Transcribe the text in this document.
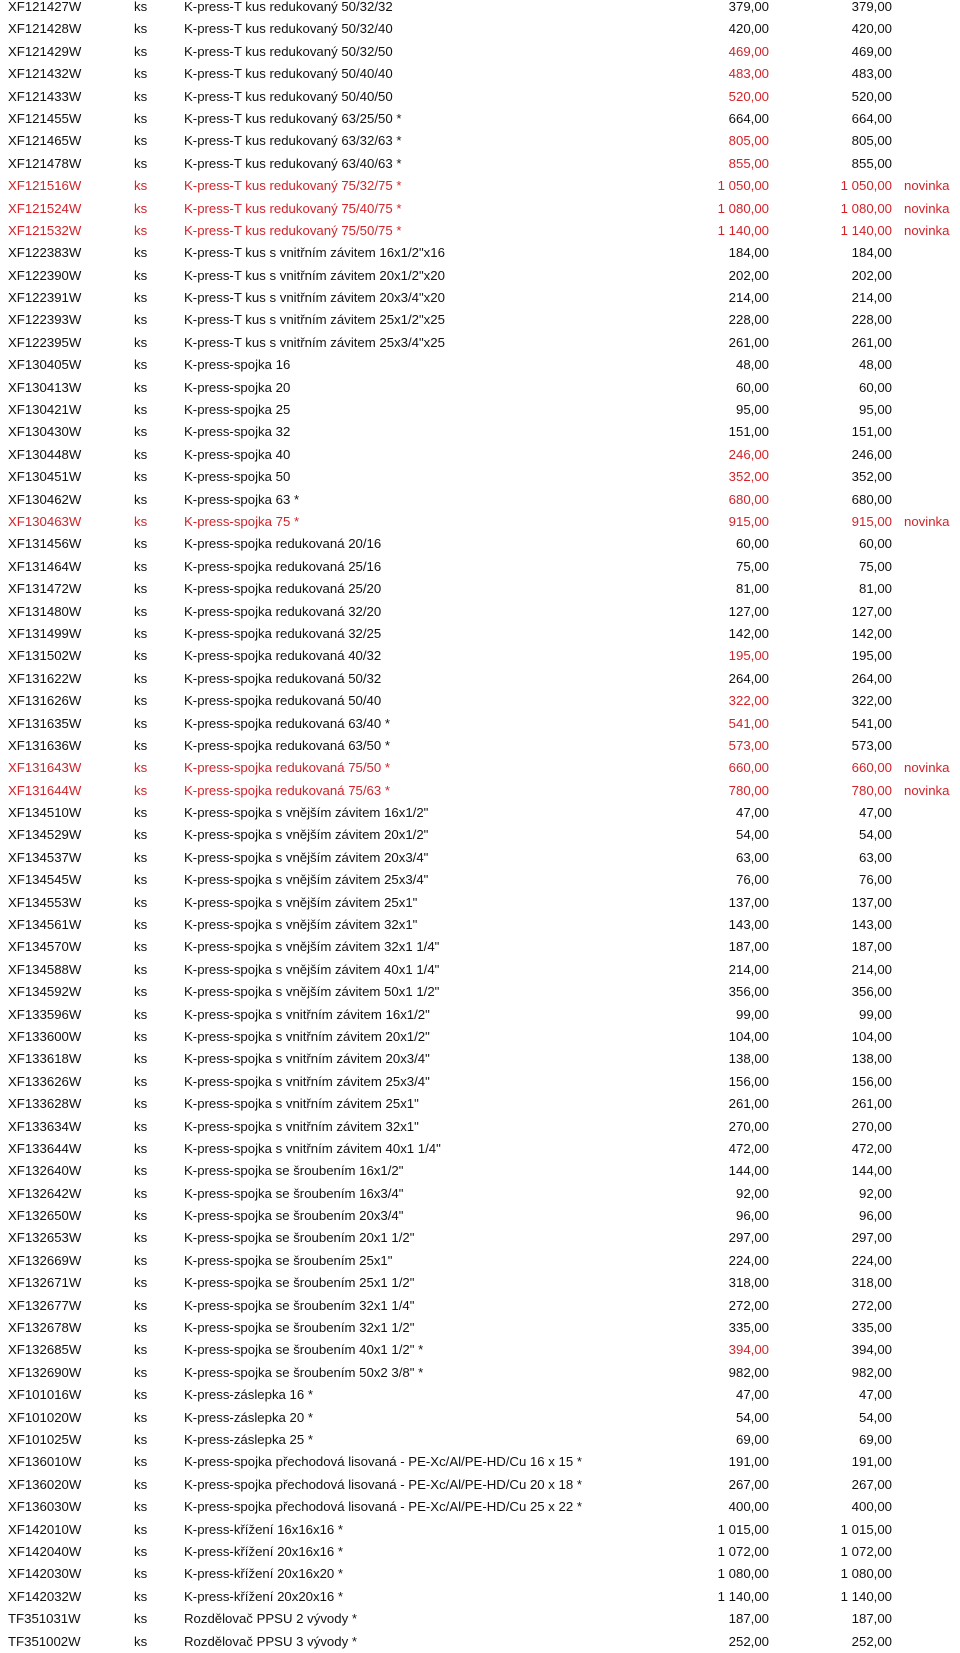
XF121427W	ks	K-press-T kus redukovaný 50/32/32	379,00	379,00
XF121428W	ks	K-press-T kus redukovaný 50/32/40	420,00	420,00
XF121429W	ks	K-press-T kus redukovaný 50/32/50	469,00	469,00
XF121432W	ks	K-press-T kus redukovaný 50/40/40	483,00	483,00
XF121433W	ks	K-press-T kus redukovaný 50/40/50	520,00	520,00
XF121455W	ks	K-press-T kus redukovaný 63/25/50 *	664,00	664,00
XF121465W	ks	K-press-T kus redukovaný 63/32/63 *	805,00	805,00
XF121478W	ks	K-press-T kus redukovaný 63/40/63 *	855,00	855,00
XF121516W	ks	K-press-T kus redukovaný 75/32/75 *	1 050,00	1 050,00 novinka
XF121524W	ks	K-press-T kus redukovaný 75/40/75 *	1 080,00	1 080,00 novinka
XF121532W	ks	K-press-T kus redukovaný 75/50/75 *	1 140,00	1 140,00 novinka
XF122383W	ks	K-press-T kus s vnitřním závitem 16x1/2"x16	184,00	184,00
XF122390W	ks	K-press-T kus s vnitřním závitem 20x1/2"x20	202,00	202,00
XF122391W	ks	K-press-T kus s vnitřním závitem 20x3/4"x20	214,00	214,00
XF122393W	ks	K-press-T kus s vnitřním závitem 25x1/2"x25	228,00	228,00
XF122395W	ks	K-press-T kus s vnitřním závitem 25x3/4"x25	261,00	261,00
XF130405W	ks	K-press-spojka 16	48,00	48,00
XF130413W	ks	K-press-spojka 20	60,00	60,00
XF130421W	ks	K-press-spojka 25	95,00	95,00
XF130430W	ks	K-press-spojka 32	151,00	151,00
XF130448W	ks	K-press-spojka 40	246,00	246,00
XF130451W	ks	K-press-spojka 50	352,00	352,00
XF130462W	ks	K-press-spojka 63 *	680,00	680,00
XF130463W	ks	K-press-spojka 75 *	915,00	915,00 novinka
XF131456W	ks	K-press-spojka redukovaná 20/16	60,00	60,00
XF131464W	ks	K-press-spojka redukovaná 25/16	75,00	75,00
XF131472W	ks	K-press-spojka redukovaná 25/20	81,00	81,00
XF131480W	ks	K-press-spojka redukovaná 32/20	127,00	127,00
XF131499W	ks	K-press-spojka redukovaná 32/25	142,00	142,00
XF131502W	ks	K-press-spojka redukovaná 40/32	195,00	195,00
XF131622W	ks	K-press-spojka redukovaná 50/32	264,00	264,00
XF131626W	ks	K-press-spojka redukovaná 50/40	322,00	322,00
XF131635W	ks	K-press-spojka redukovaná 63/40 *	541,00	541,00
XF131636W	ks	K-press-spojka redukovaná 63/50 *	573,00	573,00
XF131643W	ks	K-press-spojka redukovaná 75/50 *	660,00	660,00 novinka
XF131644W	ks	K-press-spojka redukovaná 75/63 *	780,00	780,00 novinka
XF134510W	ks	K-press-spojka s vnějším závitem 16x1/2"	47,00	47,00
XF134529W	ks	K-press-spojka s vnějším závitem 20x1/2"	54,00	54,00
XF134537W	ks	K-press-spojka s vnějším závitem 20x3/4"	63,00	63,00
XF134545W	ks	K-press-spojka s vnějším závitem 25x3/4"	76,00	76,00
XF134553W	ks	K-press-spojka s vnějším závitem 25x1"	137,00	137,00
XF134561W	ks	K-press-spojka s vnějším závitem 32x1"	143,00	143,00
XF134570W	ks	K-press-spojka s vnějším závitem 32x1 1/4"	187,00	187,00
XF134588W	ks	K-press-spojka s vnějším závitem 40x1 1/4"	214,00	214,00
XF134592W	ks	K-press-spojka s vnějším závitem 50x1 1/2"	356,00	356,00
XF133596W	ks	K-press-spojka s vnitřním závitem 16x1/2"	99,00	99,00
XF133600W	ks	K-press-spojka s vnitřním závitem 20x1/2"	104,00	104,00
XF133618W	ks	K-press-spojka s vnitřním závitem 20x3/4"	138,00	138,00
XF133626W	ks	K-press-spojka s vnitřním závitem 25x3/4"	156,00	156,00
XF133628W	ks	K-press-spojka s vnitřním závitem 25x1"	261,00	261,00
XF133634W	ks	K-press-spojka s vnitřním závitem 32x1"	270,00	270,00
XF133644W	ks	K-press-spojka s vnitřním závitem 40x1 1/4"	472,00	472,00
XF132640W	ks	K-press-spojka se šroubením 16x1/2"	144,00	144,00
XF132642W	ks	K-press-spojka se šroubením 16x3/4"	92,00	92,00
XF132650W	ks	K-press-spojka se šroubením 20x3/4"	96,00	96,00
XF132653W	ks	K-press-spojka se šroubením 20x1 1/2"	297,00	297,00
XF132669W	ks	K-press-spojka se šroubením 25x1"	224,00	224,00
XF132671W	ks	K-press-spojka se šroubením 25x1 1/2"	318,00	318,00
XF132677W	ks	K-press-spojka se šroubením 32x1 1/4"	272,00	272,00
XF132678W	ks	K-press-spojka se šroubením 32x1 1/2"	335,00	335,00
XF132685W	ks	K-press-spojka se šroubením 40x1 1/2" *	394,00	394,00
XF132690W	ks	K-press-spojka se šroubením 50x2 3/8" *	982,00	982,00
XF101016W	ks	K-press-záslepka 16 *	47,00	47,00
XF101020W	ks	K-press-záslepka 20 *	54,00	54,00
XF101025W	ks	K-press-záslepka 25 *	69,00	69,00
XF136010W	ks	K-press-spojka přechodová lisovaná - PE-Xc/Al/PE-HD/Cu 16 x 15 *	191,00	191,00
XF136020W	ks	K-press-spojka přechodová lisovaná - PE-Xc/Al/PE-HD/Cu 20 x 18 *	267,00	267,00
XF136030W	ks	K-press-spojka přechodová lisovaná - PE-Xc/Al/PE-HD/Cu 25 x 22 *	400,00	400,00
XF142010W	ks	K-press-křížení 16x16x16 *	1 015,00	1 015,00
XF142040W	ks	K-press-křížení 20x16x16 *	1 072,00	1 072,00
XF142030W	ks	K-press-křížení 20x16x20 *	1 080,00	1 080,00
XF142032W	ks	K-press-křížení 20x20x16 *	1 140,00	1 140,00
TF351031W	ks	Rozdělovač PPSU 2 vývody *	187,00	187,00
TF351002W	ks	Rozdělovač PPSU 3 vývody *	252,00	252,00
